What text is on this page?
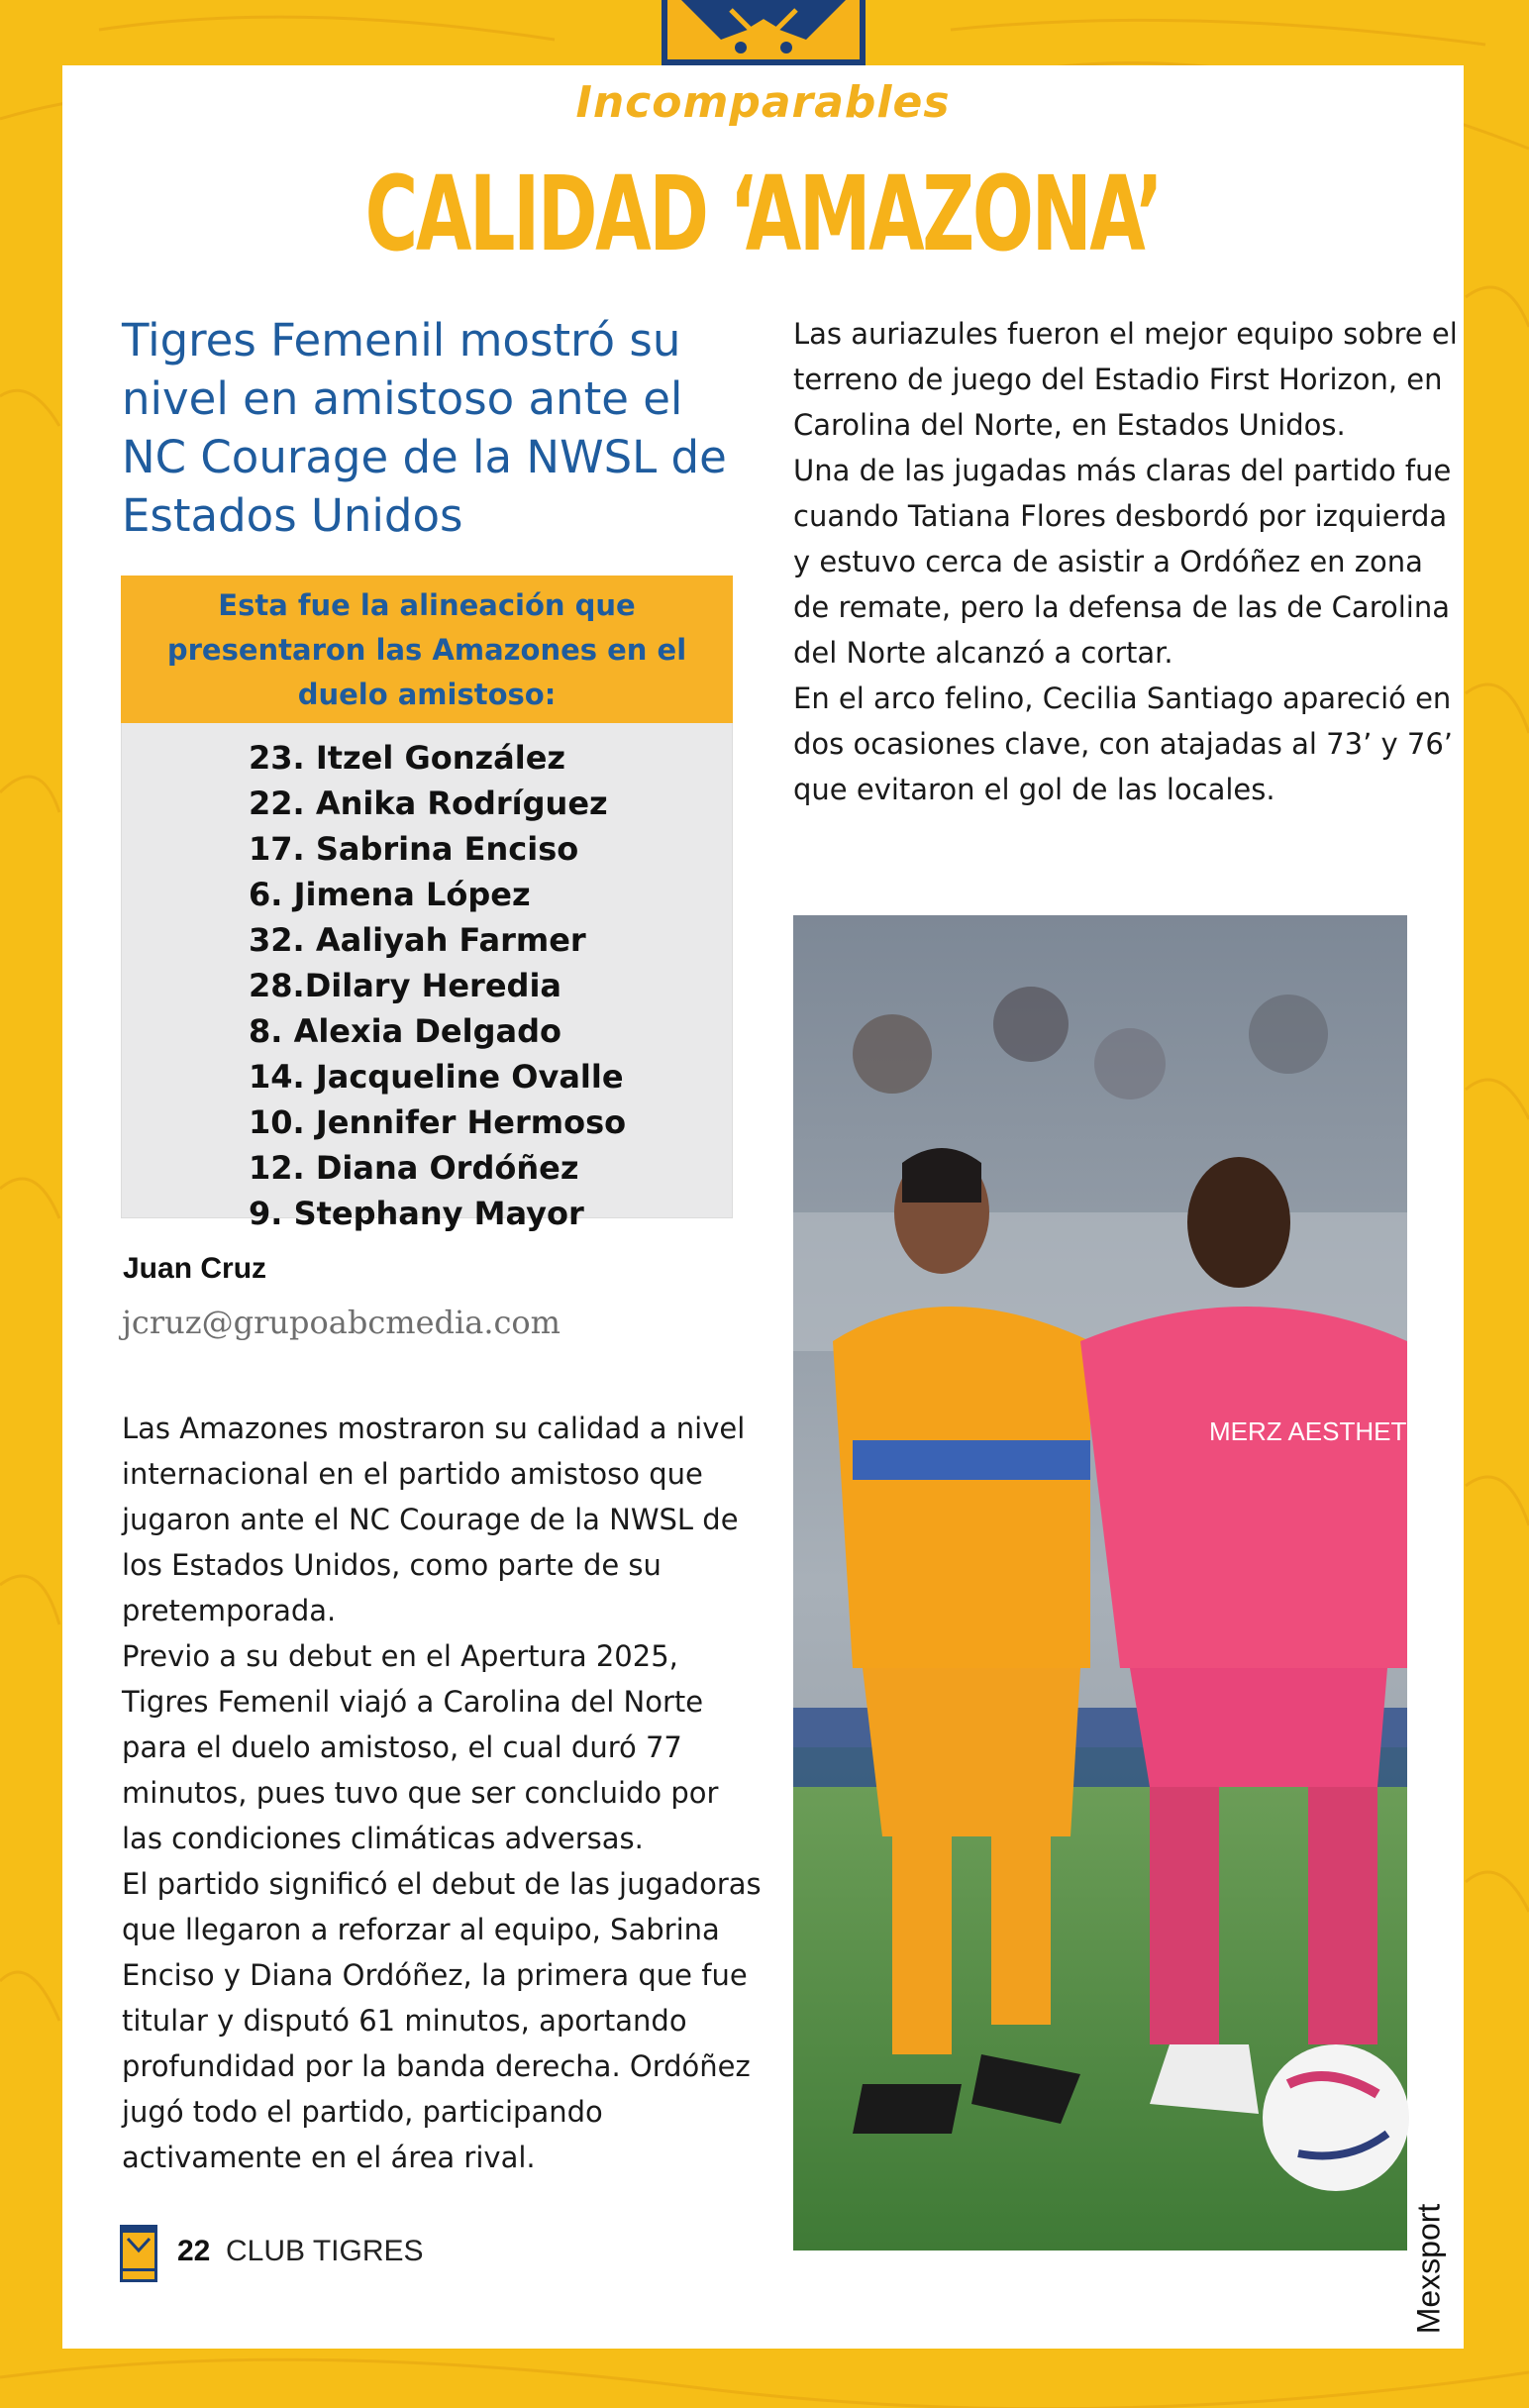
Incomparables
CALIDAD ‘AMAZONA’
Tigres Femenil mostró su nivel en amistoso ante el NC Courage de la NWSL de Estados Unidos
Esta fue la alineación que presentaron las Amazones en el duelo amistoso:
23. Itzel González
22. Anika Rodríguez
17. Sabrina Enciso
6. Jimena López
32. Aaliyah Farmer
28.Dilary Heredia
8. Alexia Delgado
14. Jacqueline Ovalle
10. Jennifer Hermoso
12. Diana Ordóñez
9. Stephany Mayor
Juan Cruz
jcruz@grupoabcmedia.com

Las Amazones mostraron su calidad a nivel internacional en el partido amistoso que jugaron ante el NC Courage de la NWSL de los Estados Unidos, como parte de su pretemporada.

Previo a su debut en el Apertura 2025, Tigres Femenil viajó a Carolina del Norte para el duelo amistoso, el cual duró 77 minutos, pues tuvo que ser concluido por las condiciones climáticas adversas.

El partido significó el debut de las jugadoras que llegaron a reforzar al equipo, Sabrina Enciso y Diana Ordóñez, la primera que fue titular y disputó 61 minutos, aportando profundidad por la banda derecha. Ordóñez jugó todo el partido, participando activamente en el área rival.

Las auriazules fueron el mejor equipo sobre el terreno de juego del Estadio First Horizon, en Carolina del Norte, en Estados Unidos.

Una de las jugadas más claras del partido fue cuando Tatiana Flores desbordó por izquierda y estuvo cerca de asistir a Ordóñez en zona de remate, pero la defensa de las de Carolina del Norte alcanzó a cortar.

En el arco felino, Cecilia Santiago apareció en dos ocasiones clave, con atajadas al 73’ y 76’ que evitaron el gol de las locales.

MERZ AESTHETICS
Mexsport
22 CLUB TIGRES
